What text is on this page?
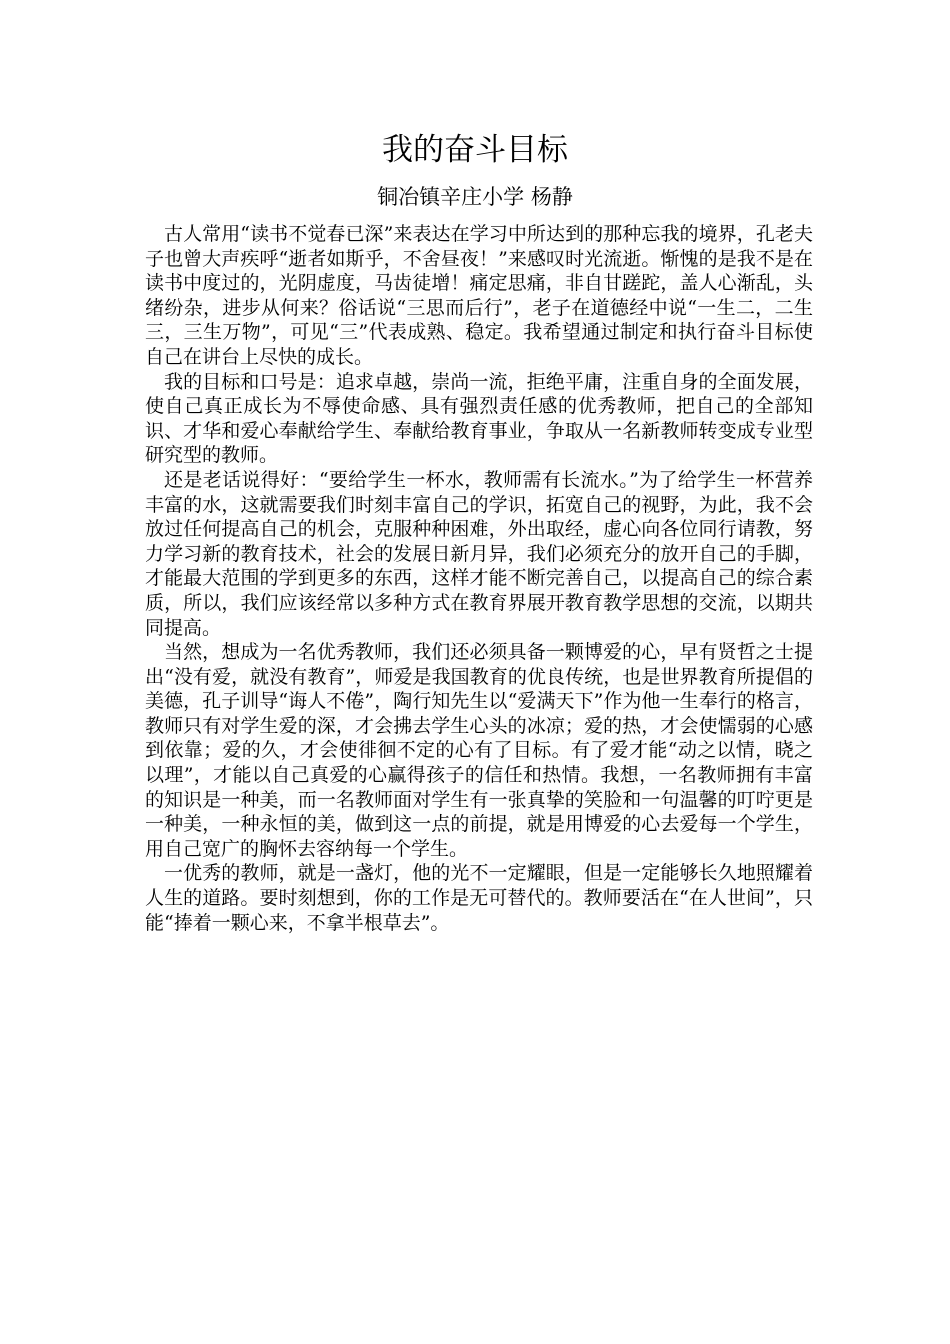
我的奋斗目标
铜冶镇辛庄小学 杨静

古人常用“读书不觉春已深”来表达在学习中所达到的那种忘我的境界，孔老夫子也曾大声疾呼“逝者如斯乎，不舍昼夜！”来感叹时光流逝。惭愧的是我不是在读书中度过的，光阴虚度，马齿徒增！痛定思痛，非自甘蹉跎，盖人心渐乱，头绪纷杂，进步从何来？俗话说“三思而后行”，老子在道德经中说“一生二，二生三，三生万物”，可见“三”代表成熟、稳定。我希望通过制定和执行奋斗目标使自己在讲台上尽快的成长。

我的目标和口号是：追求卓越，崇尚一流，拒绝平庸，注重自身的全面发展，使自己真正成长为不辱使命感、具有强烈责任感的优秀教师，把自己的全部知识、才华和爱心奉献给学生、奉献给教育事业，争取从一名新教师转变成专业型研究型的教师。

还是老话说得好：“要给学生一杯水，教师需有长流水。”为了给学生一杯营养丰富的水，这就需要我们时刻丰富自己的学识，拓宽自己的视野，为此，我不会放过任何提高自己的机会，克服种种困难，外出取经，虚心向各位同行请教，努力学习新的教育技术，社会的发展日新月异，我们必须充分的放开自己的手脚，才能最大范围的学到更多的东西，这样才能不断完善自己，以提高自己的综合素质，所以，我们应该经常以多种方式在教育界展开教育教学思想的交流，以期共同提高。

当然，想成为一名优秀教师，我们还必须具备一颗博爱的心，早有贤哲之士提出“没有爱，就没有教育”，师爱是我国教育的优良传统，也是世界教育所提倡的美德，孔子训导“诲人不倦”，陶行知先生以“爱满天下”作为他一生奉行的格言，教师只有对学生爱的深，才会拂去学生心头的冰凉；爱的热，才会使懦弱的心感到依靠；爱的久，才会使徘徊不定的心有了目标。有了爱才能“动之以情，晓之以理”，才能以自己真爱的心赢得孩子的信任和热情。我想，一名教师拥有丰富的知识是一种美，而一名教师面对学生有一张真挚的笑脸和一句温馨的叮咛更是一种美，一种永恒的美，做到这一点的前提，就是用博爱的心去爱每一个学生，用自己宽广的胸怀去容纳每一个学生。

一优秀的教师，就是一盏灯，他的光不一定耀眼，但是一定能够长久地照耀着人生的道路。要时刻想到，你的工作是无可替代的。教师要活在“在人世间”，只能“捧着一颗心来，不拿半根草去”。
